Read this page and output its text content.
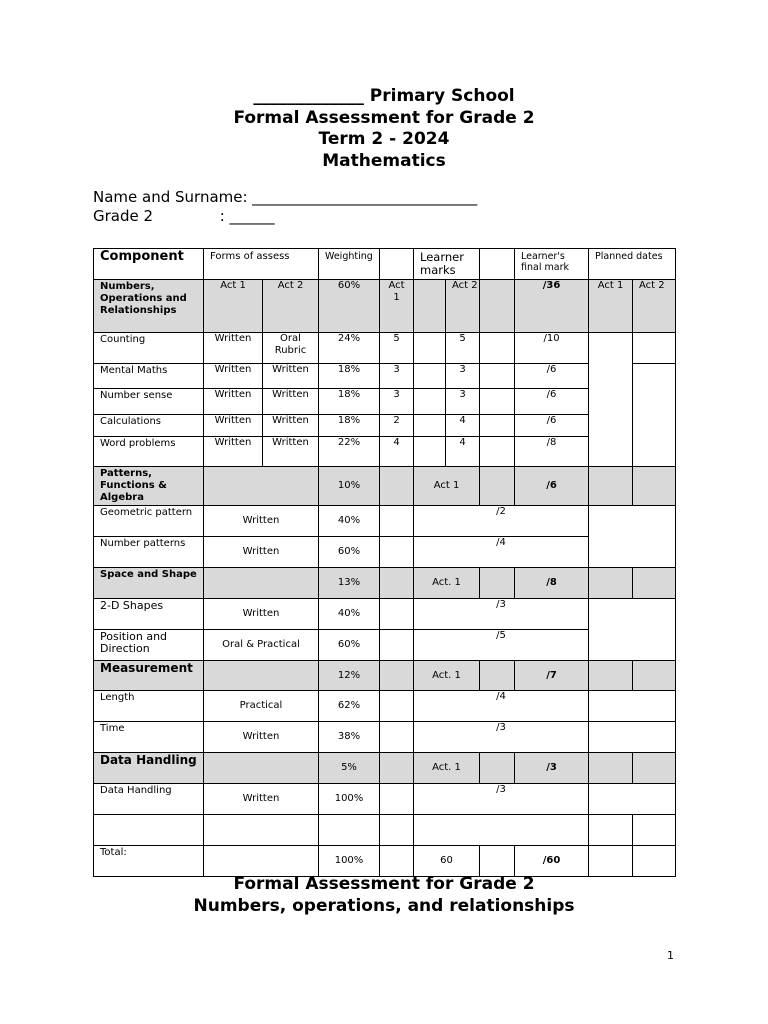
_____________ Primary School
Formal Assessment for Grade 2
Term 2 - 2024
Mathematics
Name and Surname: ______________________________
Grade 2              : ______
Component	Forms of assess		Weighting		Learner marks			Learner's final mark	Planned dates	
Numbers, Operations and Relationships	Act 1	Act 2	60%	Act 1		Act 2		/36	Act 1	Act 2
Counting	Written	Oral Rubric	24%	5		5		/10		
Mental Maths	Written	Written	18%	3		3		/6		
Number sense	Written	Written	18%	3		3		/6		
Calculations	Written	Written	18%	2		4		/6		
Word problems	Written	Written	22%	4		4		/8		
Patterns, Functions & Algebra			10%		Act 1			/6		
Geometric pattern	Written		40%		/2					
Number patterns	Written		60%		/4					
Space and Shape			13%		Act. 1			/8		
2-D Shapes	Written		40%		/3					
Position and Direction	Oral & Practical		60%		/5					
Measurement			12%		Act. 1			/7		
Length	Practical		62%		/4					
Time	Written		38%		/3					
Data Handling			5%		Act. 1			/3		
Data Handling	Written		100%		/3					

Total:			100%		60			/60		
Formal Assessment for Grade 2
Numbers, operations, and relationships
1
